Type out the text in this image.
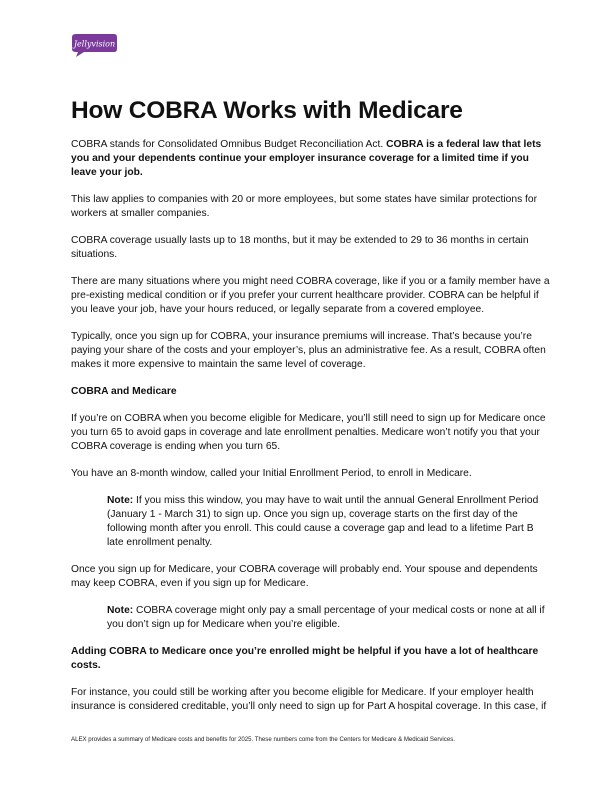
Jellyvision
How COBRA Works with Medicare

COBRA stands for Consolidated Omnibus Budget Reconciliation Act. COBRA is a federal law that lets you and your dependents continue your employer insurance coverage for a limited time if you leave your job.

This law applies to companies with 20 or more employees, but some states have similar protections for workers at smaller companies.

COBRA coverage usually lasts up to 18 months, but it may be extended to 29 to 36 months in certain situations.

There are many situations where you might need COBRA coverage, like if you or a family member have a pre-existing medical condition or if you prefer your current healthcare provider. COBRA can be helpful if you leave your job, have your hours reduced, or legally separate from a covered employee.

Typically, once you sign up for COBRA, your insurance premiums will increase. That’s because you’re paying your share of the costs and your employer’s, plus an administrative fee. As a result, COBRA often makes it more expensive to maintain the same level of coverage.

COBRA and Medicare

If you’re on COBRA when you become eligible for Medicare, you’ll still need to sign up for Medicare once you turn 65 to avoid gaps in coverage and late enrollment penalties. Medicare won’t notify you that your COBRA coverage is ending when you turn 65.

You have an 8-month window, called your Initial Enrollment Period, to enroll in Medicare.

Note: If you miss this window, you may have to wait until the annual General Enrollment Period (January 1 - March 31) to sign up. Once you sign up, coverage starts on the first day of the following month after you enroll. This could cause a coverage gap and lead to a lifetime Part B late enrollment penalty.

Once you sign up for Medicare, your COBRA coverage will probably end. Your spouse and dependents may keep COBRA, even if you sign up for Medicare.

Note: COBRA coverage might only pay a small percentage of your medical costs or none at all if you don’t sign up for Medicare when you’re eligible.

Adding COBRA to Medicare once you’re enrolled might be helpful if you have a lot of healthcare costs.

For instance, you could still be working after you become eligible for Medicare. If your employer health insurance is considered creditable, you’ll only need to sign up for Part A hospital coverage. In this case, if

ALEX provides a summary of Medicare costs and benefits for 2025. These numbers come from the Centers for Medicare & Medicaid Services.
